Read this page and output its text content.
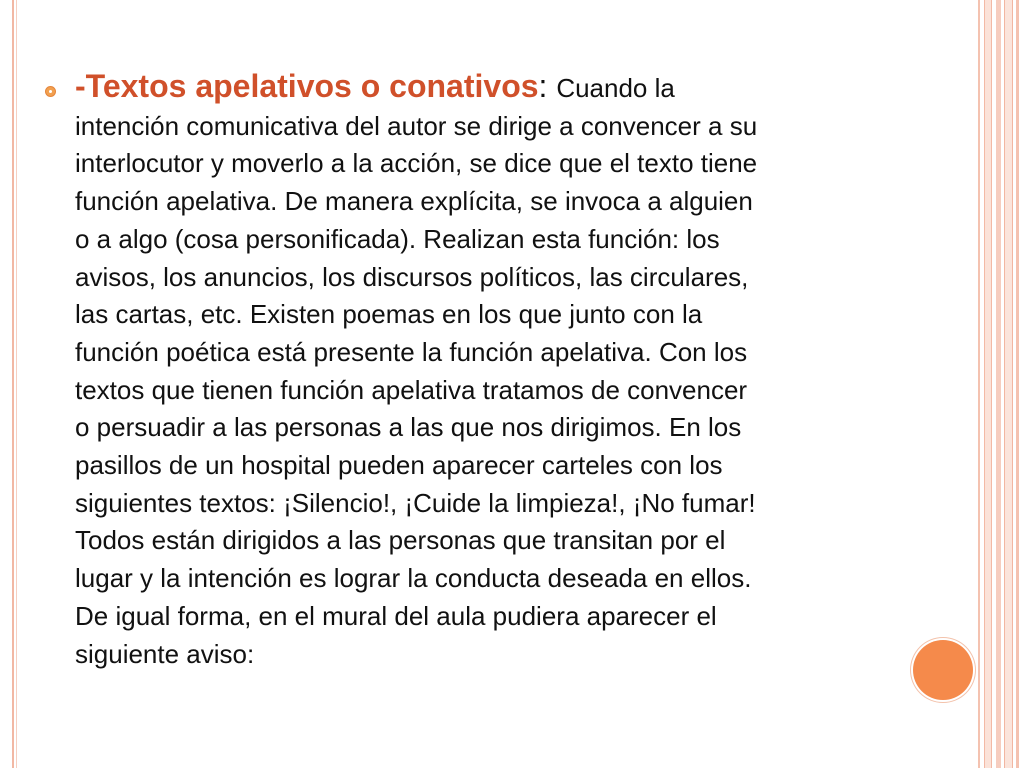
-Textos apelativos o conativos: Cuando la
intención comunicativa del autor se dirige a convencer a su
interlocutor y moverlo a la acción, se dice que el texto tiene
función apelativa. De manera explícita, se invoca a alguien
o a algo (cosa personificada). Realizan esta función: los
avisos, los anuncios, los discursos políticos, las circulares,
las cartas, etc. Existen poemas en los que junto con la
función poética está presente la función apelativa. Con los
textos que tienen función apelativa tratamos de convencer
o persuadir a las personas a las que nos dirigimos. En los
pasillos de un hospital pueden aparecer carteles con los
siguientes textos: ¡Silencio!, ¡Cuide la limpieza!, ¡No fumar!
Todos están dirigidos a las personas que transitan por el
lugar y la intención es lograr la conducta deseada en ellos.
De igual forma, en el mural del aula pudiera aparecer el
siguiente aviso:
